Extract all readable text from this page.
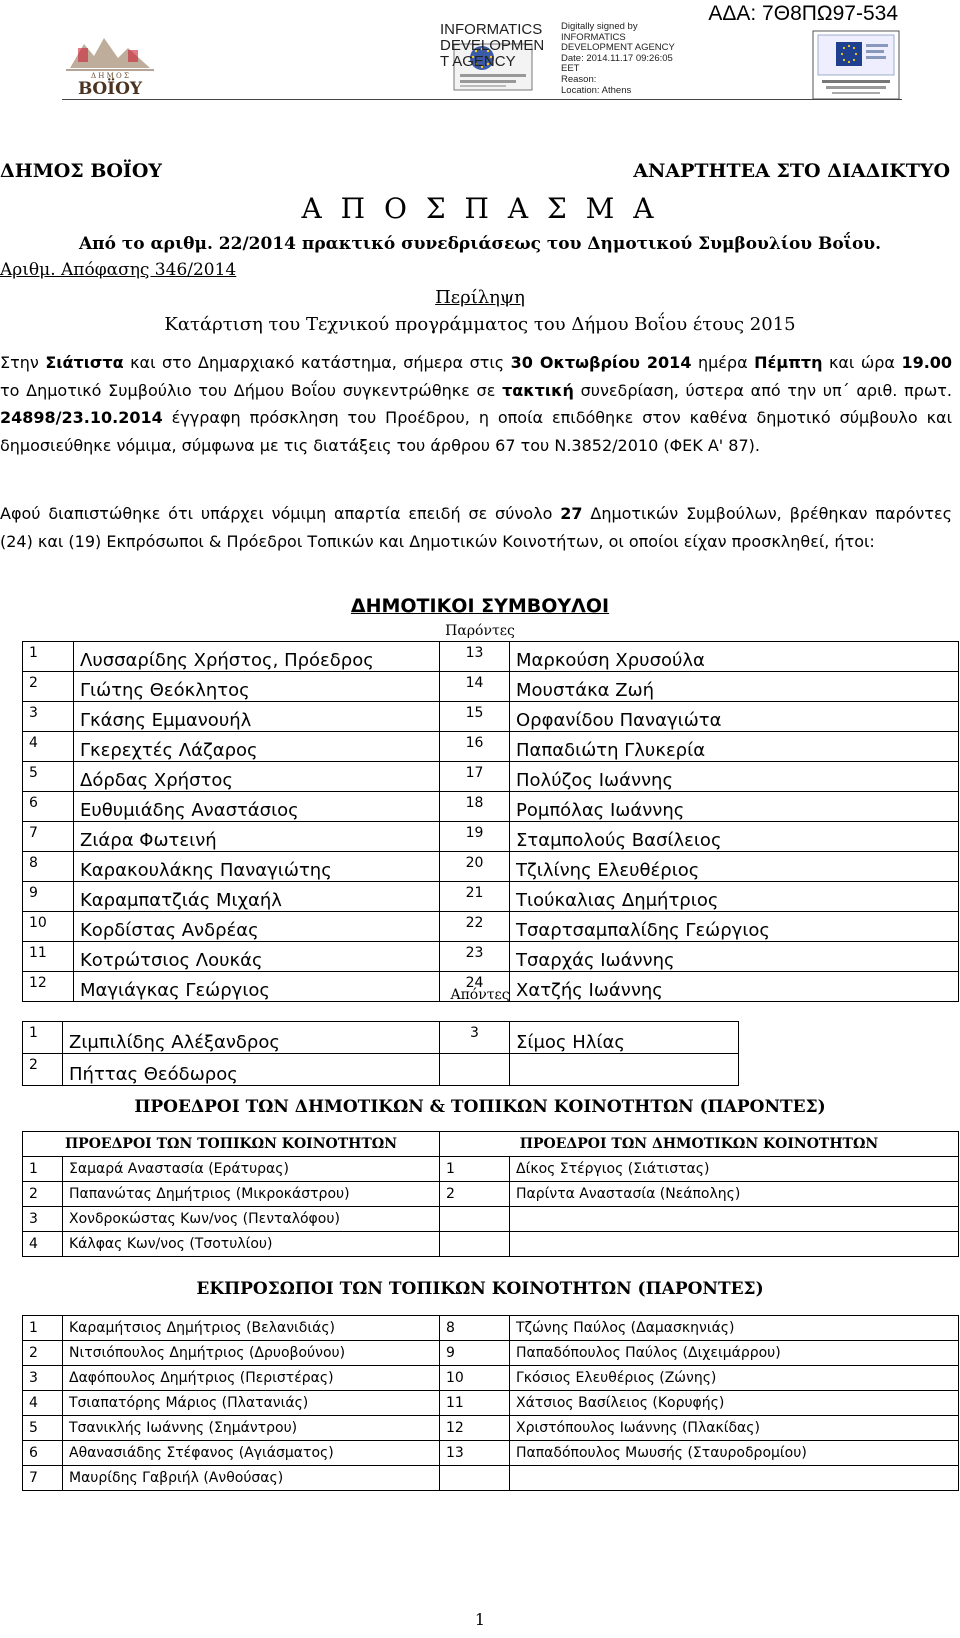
ΑΔΑ: 7Θ8ΠΩ97-534
Δ Η Μ Ο Σ
ΒΟΪΟΥ
INFORMATICS DEVELOPMEN T AGENCY
Digitally signed by
INFORMATICS
DEVELOPMENT AGENCY
Date: 2014.11.17 09:26:05
EET
Reason:
Location: Athens
ΔΗΜΟΣ ΒΟΪΟΥ	ΑΝΑΡΤΗΤΕΑ ΣΤΟ ΔΙΑΔΙΚΤΥΟ
Α Π Ο Σ Π Α Σ Μ Α
Από το αριθμ. 22/2014 πρακτικό συνεδριάσεως του Δημοτικού Συμβουλίου Βοΐου.
Αριθμ. Απόφασης 346/2014
Περίληψη
Κατάρτιση του Τεχνικού προγράμματος του Δήμου Βοΐου έτους 2015
Στην Σιάτιστα και στο Δημαρχιακό κατάστημα, σήμερα στις 30 Οκτωβρίου 2014 ημέρα Πέμπτη και ώρα 19.00 το Δημοτικό Συμβούλιο του Δήμου Βοΐου συγκεντρώθηκε σε τακτική συνεδρίαση, ύστερα από την υπ΄ αριθ. πρωτ. 24898/23.10.2014 έγγραφη πρόσκληση του Προέδρου, η οποία επιδόθηκε στον καθένα δημοτικό σύμβουλο και δημοσιεύθηκε νόμιμα, σύμφωνα με τις διατάξεις του άρθρου 67 του Ν.3852/2010 (ΦΕΚ Α' 87).
Αφού διαπιστώθηκε ότι υπάρχει νόμιμη απαρτία επειδή σε σύνολο 27 Δημοτικών Συμβούλων, βρέθηκαν παρόντες (24) και (19) Εκπρόσωποι & Πρόεδροι Τοπικών και Δημοτικών Κοινοτήτων, οι οποίοι είχαν προσκληθεί, ήτοι:
ΔΗΜΟΤΙΚΟΙ ΣΥΜΒΟΥΛΟΙ
Παρόντες
1	Λυσσαρίδης Χρήστος, Πρόεδρος	13	Μαρκούση Χρυσούλα
2	Γιώτης Θεόκλητος	14	Μουστάκα Ζωή
3	Γκάσης Εμμανουήλ	15	Ορφανίδου Παναγιώτα
4	Γκερεχτές Λάζαρος	16	Παπαδιώτη Γλυκερία
5	Δόρδας Χρήστος	17	Πολύζος Ιωάννης
6	Ευθυμιάδης Αναστάσιος	18	Ρομπόλας Ιωάννης
7	Ζιάρα Φωτεινή	19	Σταμπολούς Βασίλειος
8	Καρακουλάκης Παναγιώτης	20	Τζιλίνης Ελευθέριος
9	Καραμπατζιάς Μιχαήλ	21	Τιούκαλιας Δημήτριος
10	Κορδίστας Ανδρέας	22	Τσαρτσαμπαλίδης Γεώργιος
11	Κοτρώτσιος Λουκάς	23	Τσαρχάς Ιωάννης
12	Μαγιάγκας Γεώργιος	24	Χατζής Ιωάννης
Απόντες
1	Ζιμπιλίδης Αλέξανδρος	3	Σίμος Ηλίας
2	Πήττας Θεόδωρος		
ΠΡΟΕΔΡΟΙ ΤΩΝ ΔΗΜΟΤΙΚΩΝ & ΤΟΠΙΚΩΝ ΚΟΙΝΟΤΗΤΩΝ (ΠΑΡΟΝΤΕΣ)
ΠΡΟΕΔΡΟΙ ΤΩΝ ΤΟΠΙΚΩΝ ΚΟΙΝΟΤΗΤΩΝ		ΠΡΟΕΔΡΟΙ ΤΩΝ ΔΗΜΟΤΙΚΩΝ ΚΟΙΝΟΤΗΤΩΝ	
1	Σαμαρά Αναστασία (Εράτυρας)	1	Δίκος Στέργιος (Σιάτιστας)
2	Παπανώτας Δημήτριος (Μικροκάστρου)	2	Παρίντα Αναστασία (Νεάπολης)
3	Χονδροκώστας Κων/νος (Πενταλόφου)		
4	Κάλφας Κων/νος (Τσοτυλίου)		
ΕΚΠΡΟΣΩΠΟΙ ΤΩΝ ΤΟΠΙΚΩΝ ΚΟΙΝΟΤΗΤΩΝ (ΠΑΡΟΝΤΕΣ)
1	Καραμήτσιος Δημήτριος (Βελανιδιάς)	8	Τζώνης Παύλος (Δαμασκηνιάς)
2	Νιτσιόπουλος Δημήτριος (Δρυοβούνου)	9	Παπαδόπουλος Παύλος (Διχειμάρρου)
3	Δαφόπουλος Δημήτριος (Περιστέρας)	10	Γκόσιος Ελευθέριος (Ζώνης)
4	Τσιαπατόρης Μάριος (Πλατανιάς)	11	Χάτσιος Βασίλειος (Κορυφής)
5	Τσανικλής Ιωάννης (Σημάντρου)	12	Χριστόπουλος Ιωάννης (Πλακίδας)
6	Αθανασιάδης Στέφανος (Αγιάσματος)	13	Παπαδόπουλος Μωυσής (Σταυροδρομίου)
7	Μαυρίδης Γαβριήλ (Ανθούσας)		
1
